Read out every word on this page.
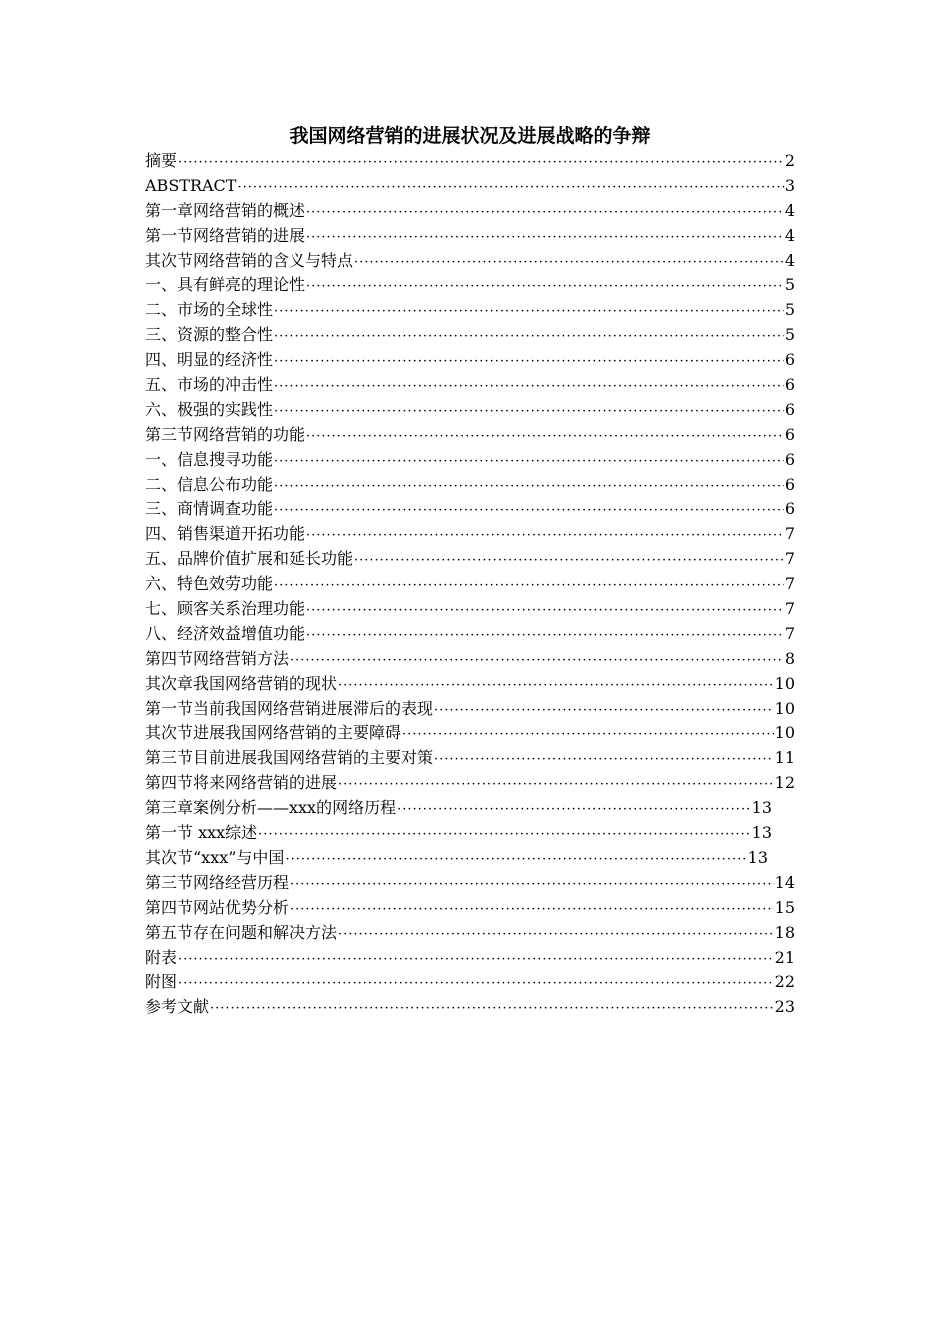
我国网络营销的进展状况及进展战略的争辩
摘要 ·····	2
ABSTRACT ·····	3
第一章网络营销的概述 ·····	4
第一节网络营销的进展 ·····	4
其次节网络营销的含义与特点 ·····	4
一、具有鲜亮的理论性 ·····	5
二、市场的全球性 ·····	5
三、资源的整合性 ·····	5
四、明显的经济性 ·····	6
五、市场的冲击性 ·····	6
六、极强的实践性 ·····	6
第三节网络营销的功能 ·····	6
一、信息搜寻功能 ·····	6
二、信息公布功能 ·····	6
三、商情调查功能 ·····	6
四、销售渠道开拓功能 ·····	7
五、品牌价值扩展和延长功能 ·····	7
六、特色效劳功能 ·····	7
七、顾客关系治理功能 ·····	7
八、经济效益增值功能 ·····	7
第四节网络营销方法 ·····	8
其次章我国网络营销的现状 ·····	10
第一节当前我国网络营销进展滞后的表现 ·····	10
其次节进展我国网络营销的主要障碍 ·····	10
第三节目前进展我国网络营销的主要对策 ·····	11
第四节将来网络营销的进展 ·····	12
第三章案例分析——xxx的网络历程 ·····	13
第一节 xxx综述 ·····	13
其次节“xxx”与中国 ·····	13
第三节网络经营历程 ·····	14
第四节网站优势分析 ·····	15
第五节存在问题和解决方法 ·····	18
附表 ·····	21
附图 ·····	22
参考文献 ·····	23
